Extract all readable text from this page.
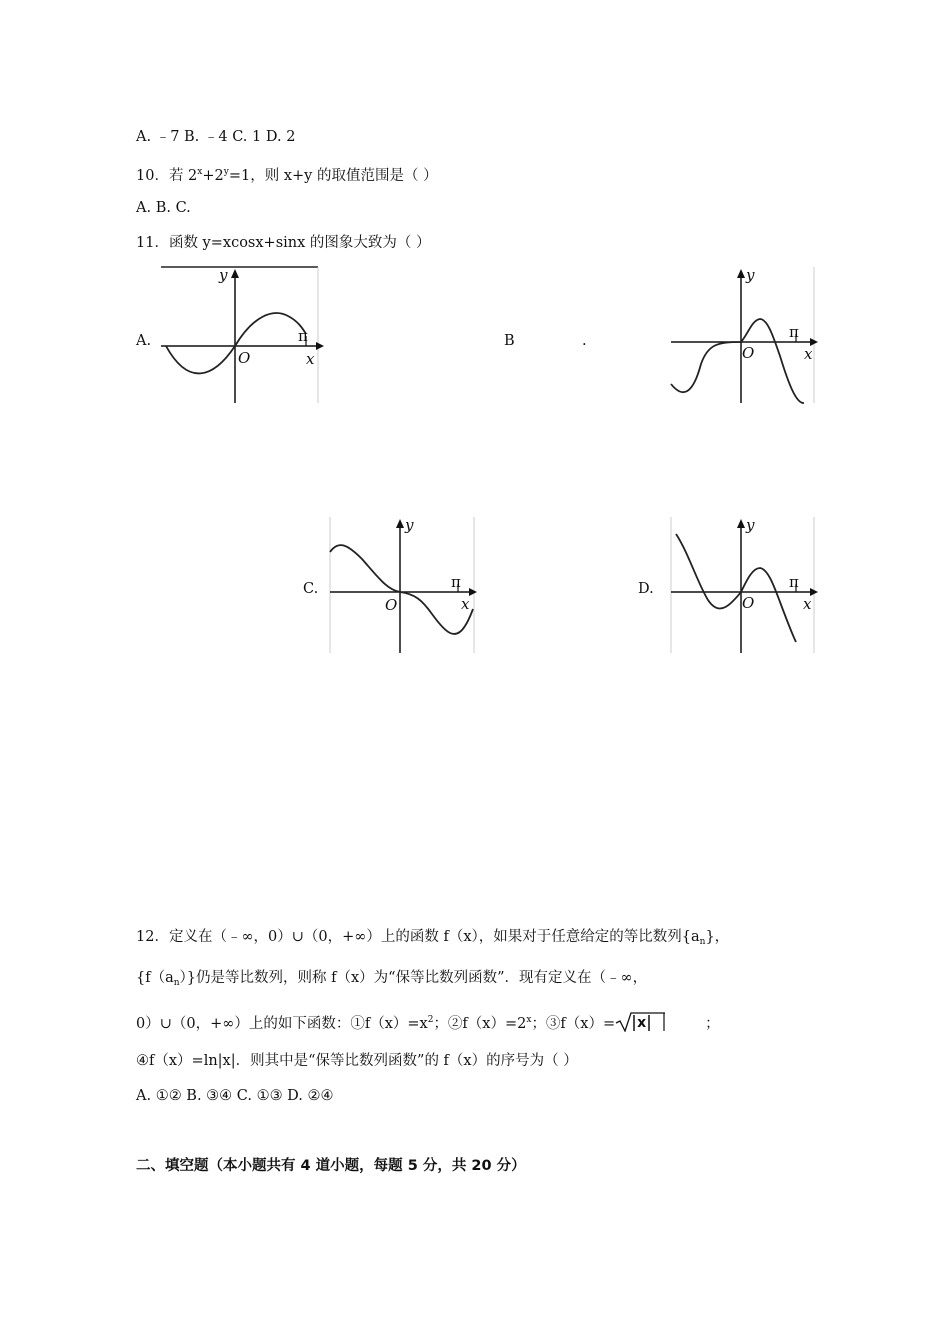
A. ﹣7 B. ﹣4 C. 1 D. 2
10．若 $2^x+2^y=1$，则 x+y 的取值范围是（ ）
A. B. C.
11．函数 y=xcosx+sinx 的图象大致为（ ）
A.	B	.
C.	D.
y
x
O
π
y
x
O
π
y
x
O
π
y
x
O
π
12．定义在（﹣∞，0）∪（0，+∞）上的函数 f（x），如果对于任意给定的等比数列$\{a_n\}$，
$\{f(a_n)\}$仍是等比数列，则称 f（x）为“保等比数列函数”．现有定义在（﹣∞，
0）∪（0，+∞）上的如下函数：$①f(x)=x^2$；$②f(x)=2^x$；③f（x）= x	；
④f（x）=ln|x|．则其中是“保等比数列函数”的 f（x）的序号为（ ）
A. ①② B. ③④ C. ①③ D. ②④
二、填空题（本小题共有 4 道小题，每题 5 分，共 20 分）
